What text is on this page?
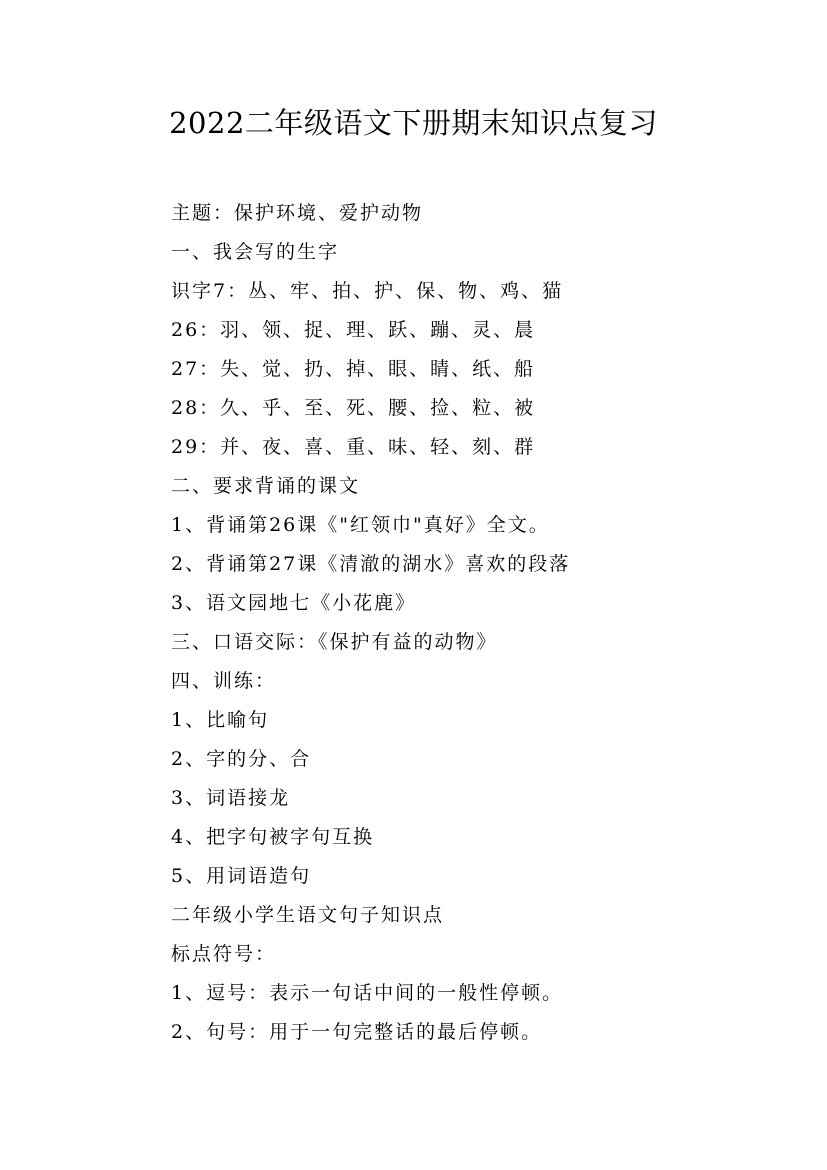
2022二年级语文下册期末知识点复习
主题：保护环境、爱护动物
一、我会写的生字
识字7：丛、牢、拍、护、保、物、鸡、猫
26：羽、领、捉、理、跃、蹦、灵、晨
27：失、觉、扔、掉、眼、睛、纸、船
28：久、乎、至、死、腰、捡、粒、被
29：并、夜、喜、重、味、轻、刻、群
二、要求背诵的课文
1、背诵第26课《"红领巾"真好》全文。
2、背诵第27课《清澈的湖水》喜欢的段落
3、语文园地七《小花鹿》
三、口语交际：《保护有益的动物》
四、训练：
1、比喻句
2、字的分、合
3、词语接龙
4、把字句被字句互换
5、用词语造句
二年级小学生语文句子知识点
标点符号：
1、逗号：表示一句话中间的一般性停顿。
2、句号：用于一句完整话的最后停顿。
